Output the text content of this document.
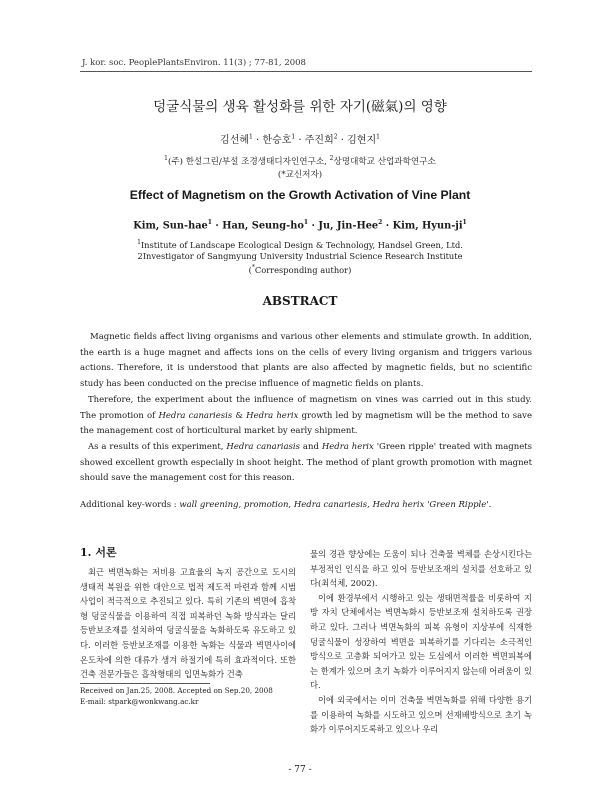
J. kor. soc. PeoplePlantsEnviron. 11(3) ; 77-81, 2008
덩굴식물의 생육 활성화를 위한 자기(磁氣)의 영향
김선혜$^1$ · 한승호$^1$ · 주진희$^2$ · 김현지$^1$
$^1$(주) 한설그린/부설 조경생태디자인연구소, $^2$상명대학교 산업과학연구소
(*교신저자)
Effect of Magnetism on the Growth Activation of Vine Plant
Kim, Sun-hae$^1$ · Han, Seung-$ho^1 \cdot Ju$, Jin-Hee$^2$ · Kim, Hyun-$ji^1$
$^1$Institute of Landscape Ecological Design & Technology, Handsel Green, Ltd.
2Investigator of Sangmyung University Industrial Science Research Institute
(*Corresponding author)
ABSTRACT

Magnetic fields affect living organisms and various other elements and stimulate growth. In addition, the earth is a huge magnet and affects ions on the cells of every living organism and triggers various actions. Therefore, it is understood that plants are also affected by magnetic fields, but no scientific study has been conducted on the precise influence of magnetic fields on plants.

Therefore, the experiment about the influence of magnetism on vines was carried out in this study. The promotion of Hedra canariesis & Hedra herix growth led by magnetism will be the method to save the management cost of horticultural market by early shipment.

As a results of this experiment, Hedra canariasis and Hedra herix 'Green ripple' treated with magnets showed excellent growth especially in shoot height. The method of plant growth promotion with magnet should save the management cost for this reason.

Additional key-words : wall greening, promotion, Hedra canariesis, Hedra herix 'Green Ripple'.
1. 서론

최근 벽면녹화는 저비용 고효율의 녹지 공간으로 도시의 생태적 복원을 위한 대안으로 법적 제도적 마련과 함께 시범사업이 적극적으로 추진되고 있다. 특히 기존의 벽면에 흡착형 덩굴식물을 이용하여 직접 피복하던 녹화 방식과는 달리 등반보조재를 설치하여 덩굴식물을 녹화하도록 유도하고 있다. 이러한 등반보조재를 이용한 녹화는 식물과 벽면사이에 온도차에 의한 대류가 생겨 하절기에 특히 효과적이다. 또한 건축 전문가들은 흡착형태의 입면녹화가 건축

물의 경관 향상에는 도움이 되나 건축물 벽체를 손상시킨다는 부정적인 인식을 하고 있어 등반보조재의 설치를 선호하고 있다(최석체, 2002).

이에 환경부에서 시행하고 있는 생태면적률을 비롯하여 지방 자치 단체에서는 벽면녹화시 등반보조재 설치하도록 권장하고 있다. 그러나 벽면녹화의 피복 유형이 지상부에 식재한 덩굴식물이 성장하여 벽면을 피복하기를 기다리는 소극적인 방식으로 고층화 되어가고 있는 도심에서 이러한 벽면피복에는 한계가 있으며 초기 녹화가 이루어지지 않는데 어려움이 있다.

이에 외국에서는 이미 건축물 벽면녹화를 위해 다양한 용기를 이용하여 녹화를 시도하고 있으며 선재배방식으로 초기 녹화가 이루어지도록하고 있으나 우리

Received on Jan.25, 2008. Accepted on Sep.20, 2008
E-mail: stpark@wonkwang.ac.kr
- 77 -
